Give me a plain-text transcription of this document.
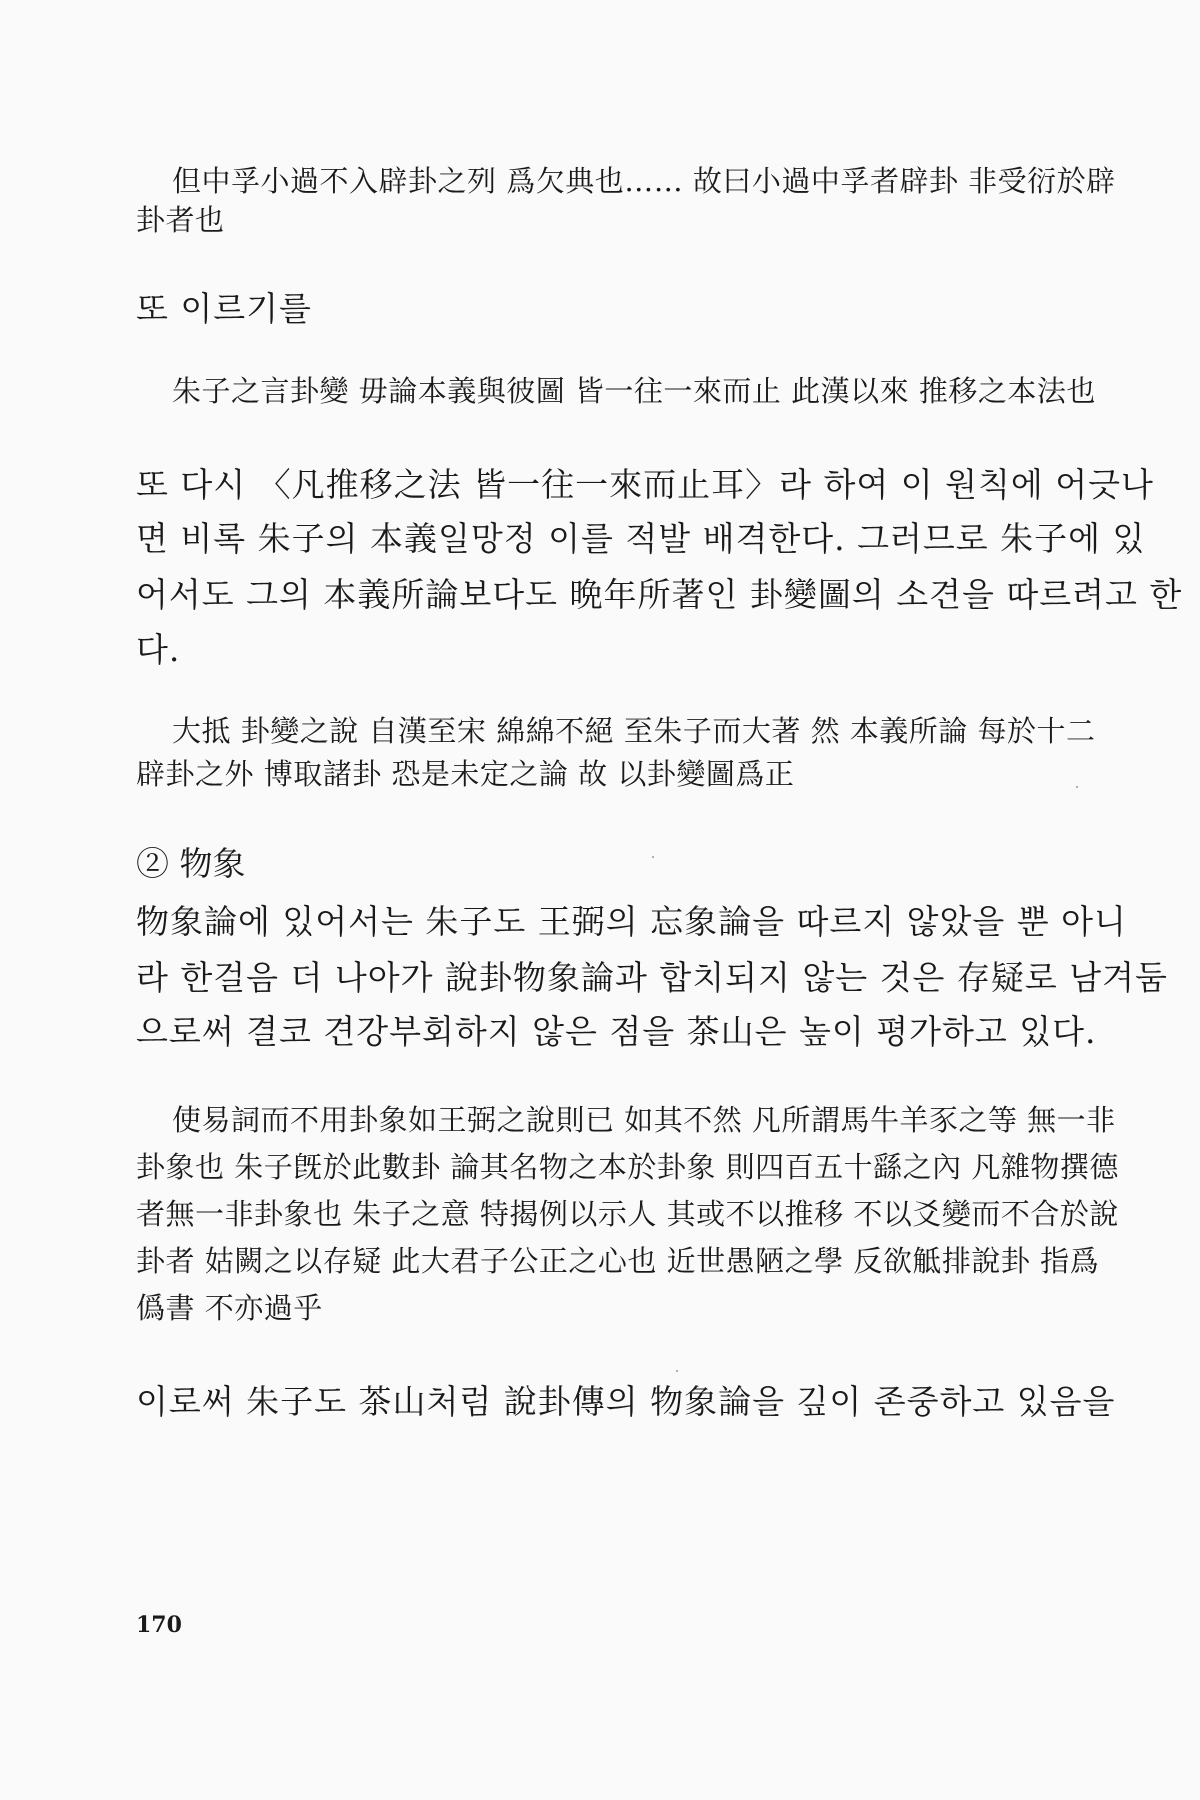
但中孚小過不入辟卦之列 爲欠典也…… 故曰小過中孚者辟卦 非受衍於辟
卦者也
또 이르기를
朱子之言卦變 毋論本義與彼圖 皆一往一來而止 此漢以來 推移之本法也
또 다시 〈凡推移之法 皆一往一來而止耳〉라 하여 이 원칙에 어긋나
면 비록 朱子의 本義일망정 이를 적발 배격한다. 그러므로 朱子에 있
어서도 그의 本義所論보다도 晩年所著인 卦變圖의 소견을 따르려고 한
다.
大抵 卦變之說 自漢至宋 綿綿不絕 至朱子而大著 然 本義所論 每於十二
辟卦之外 博取諸卦 恐是未定之論 故 以卦變圖爲正
② 物象
物象論에 있어서는 朱子도 王弼의 忘象論을 따르지 않았을 뿐 아니
라 한걸음 더 나아가 說卦物象論과 합치되지 않는 것은 存疑로 남겨둠
으로써 결코 견강부회하지 않은 점을 茶山은 높이 평가하고 있다.
使易詞而不用卦象如王弼之說則已 如其不然 凡所謂馬牛羊豕之等 無一非
卦象也 朱子旣於此數卦 論其名物之本於卦象 則四百五十繇之內 凡雜物撰德
者無一非卦象也 朱子之意 特揭例以示人 其或不以推移 不以爻變而不合於說
卦者 姑闕之以存疑 此大君子公正之心也 近世愚陋之學 反欲觝排說卦 指爲
僞書 不亦過乎
이로써 朱子도 茶山처럼 說卦傳의 物象論을 깊이 존중하고 있음을
170
